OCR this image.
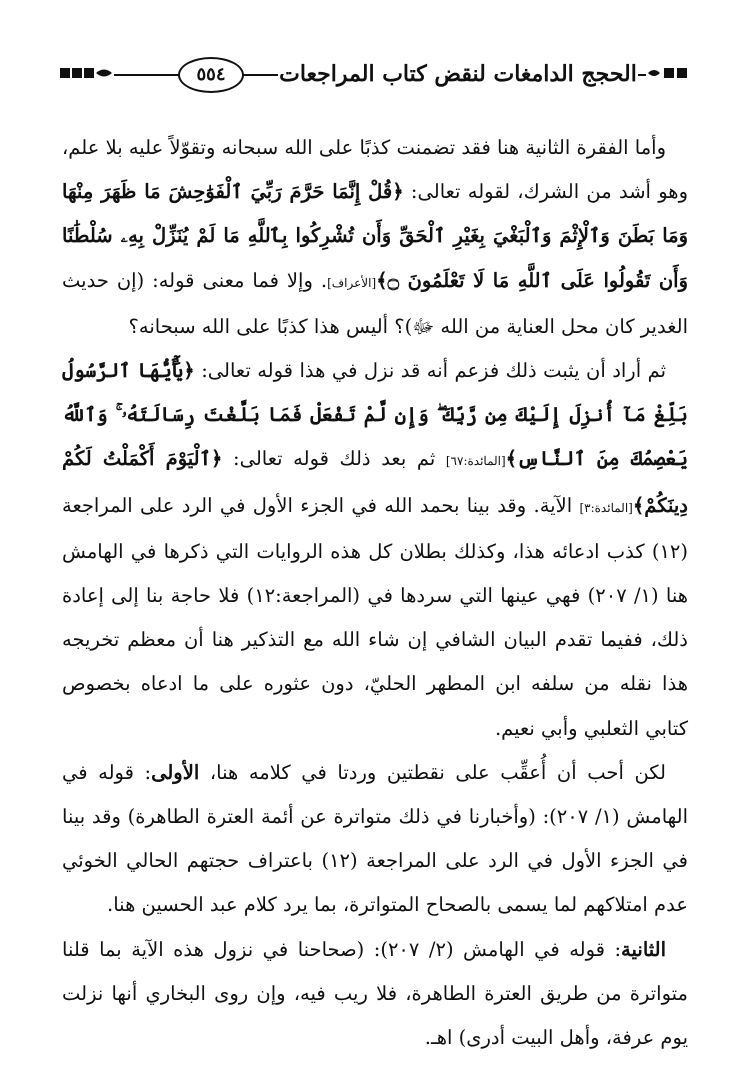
٥٥٤	الحجج الدامغات لنقض كتاب المراجعات

وأما الفقرة الثانية هنا فقد تضمنت كذبًا على الله سبحانه وتقوّلاً عليه بلا علم، وهو أشد من الشرك، لقوله تعالى: ﴿قُلْ إِنَّمَا حَرَّمَ رَبِّيَ ٱلْفَوَٰحِشَ مَا ظَهَرَ مِنْهَا وَمَا بَطَنَ وَٱلْإِثْمَ وَٱلْبَغْيَ بِغَيْرِ ٱلْحَقِّ وَأَن تُشْرِكُوا بِٱللَّهِ مَا لَمْ يُنَزِّلْ بِهِۦ سُلْطَٰنًا وَأَن تَقُولُوا عَلَى ٱللَّهِ مَا لَا تَعْلَمُونَ ۝﴾[الأعراف]. وإلا فما معنى قوله: (إن حديث الغدير كان محل العناية من الله ﷻ)؟ أليس هذا كذبًا على الله سبحانه؟

ثم أراد أن يثبت ذلك فزعم أنه قد نزل في هذا قوله تعالى: ﴿يَٰٓأَيُّهَا ٱلرَّسُولُ بَلِّغْ مَآ أُنزِلَ إِلَيْكَ مِن رَّبِّكَ ۖ وَإِن لَّمْ تَفْعَلْ فَمَا بَلَّغْتَ رِسَالَتَهُۥ ۚ وَٱللَّهُ يَعْصِمُكَ مِنَ ٱلنَّاسِ﴾[المائدة:٦٧] ثم بعد ذلك قوله تعالى: ﴿ٱلْيَوْمَ أَكْمَلْتُ لَكُمْ دِينَكُمْ﴾[المائدة:٣] الآية. وقد بينا بحمد الله في الجزء الأول في الرد على المراجعة (١٢) كذب ادعائه هذا، وكذلك بطلان كل هذه الروايات التي ذكرها في الهامش هنا (١/ ٢٠٧) فهي عينها التي سردها في (المراجعة:١٢) فلا حاجة بنا إلى إعادة ذلك، ففيما تقدم البيان الشافي إن شاء الله مع التذكير هنا أن معظم تخريجه هذا نقله من سلفه ابن المطهر الحليّ، دون عثوره على ما ادعاه بخصوص كتابي الثعلبي وأبي نعيم.

لكن أحب أن أُعقِّب على نقطتين وردتا في كلامه هنا، الأولى: قوله في الهامش (١/ ٢٠٧): (وأخبارنا في ذلك متواترة عن أئمة العترة الطاهرة) وقد بينا في الجزء الأول في الرد على المراجعة (١٢) باعتراف حجتهم الحالي الخوئي عدم امتلاكهم لما يسمى بالصحاح المتواترة، بما يرد كلام عبد الحسين هنا.

الثانية: قوله في الهامش (٢/ ٢٠٧): (صحاحنا في نزول هذه الآية بما قلنا متواترة من طريق العترة الطاهرة، فلا ريب فيه، وإن روى البخاري أنها نزلت يوم عرفة، وأهل البيت أدرى) اهـ.
